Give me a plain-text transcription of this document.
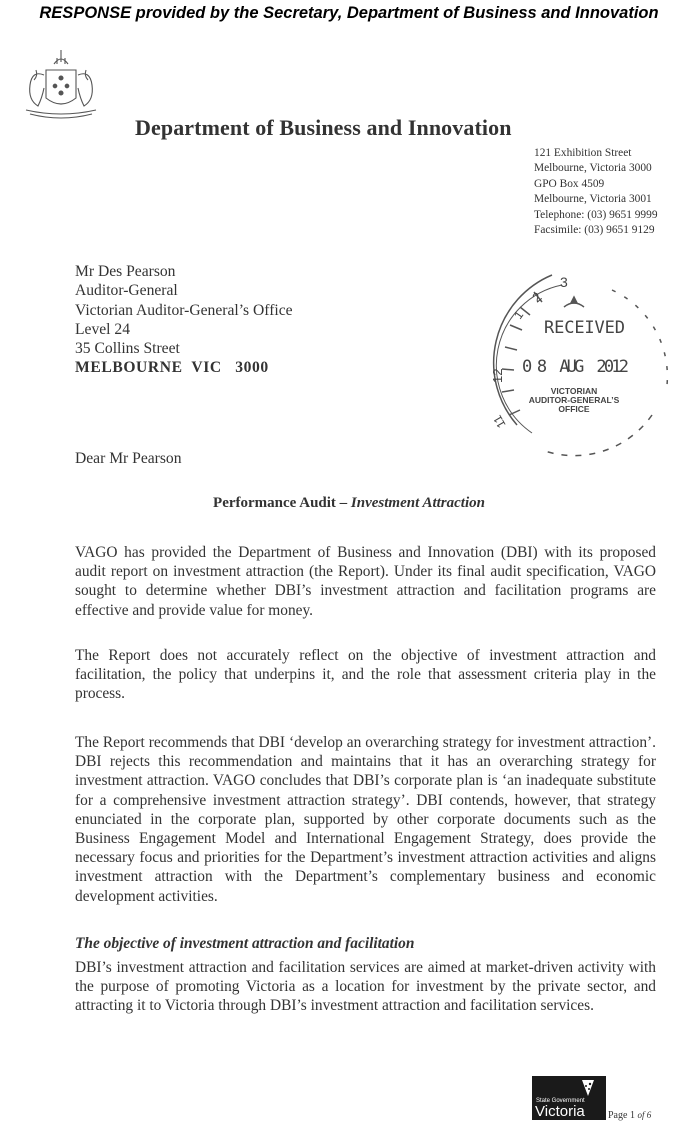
RESPONSE provided by the Secretary, Department of Business and Innovation
Department of Business and Innovation
121 Exhibition Street
Melbourne, Victoria 3000
GPO Box 4509
Melbourne, Victoria 3001
Telephone: (03) 9651 9999
Facsimile: (03) 9651 9129
Mr Des Pearson
Auditor-General
Victorian Auditor-General’s Office
Level 24
35 Collins Street
MELBOURNE  VIC   3000
3
2
1
12
11
RECEIVED
0 8  AUG  2012
VICTORIAN
AUDITOR-GENERAL’S
OFFICE
Dear Mr Pearson
Performance Audit – Investment Attraction
VAGO has provided the Department of Business and Innovation (DBI) with its proposed audit report on investment attraction (the Report). Under its final audit specification, VAGO sought to determine whether DBI’s investment attraction and facilitation programs are effective and provide value for money.
The Report does not accurately reflect on the objective of investment attraction and facilitation, the policy that underpins it, and the role that assessment criteria play in the process.
The Report recommends that DBI ‘develop an overarching strategy for investment attraction’. DBI rejects this recommendation and maintains that it has an overarching strategy for investment attraction. VAGO concludes that DBI’s corporate plan is ‘an inadequate substitute for a comprehensive investment attraction strategy’. DBI contends, however, that strategy enunciated in the corporate plan, supported by other corporate documents such as the Business Engagement Model and International Engagement Strategy, does provide the necessary focus and priorities for the Department’s investment attraction activities and aligns investment attraction with the Department’s complementary business and economic development activities.
The objective of investment attraction and facilitation
DBI’s investment attraction and facilitation services are aimed at market-driven activity with the purpose of promoting Victoria as a location for investment by the private sector, and attracting it to Victoria through DBI’s investment attraction and facilitation services.
State Government
Victoria Page 1 of 6
